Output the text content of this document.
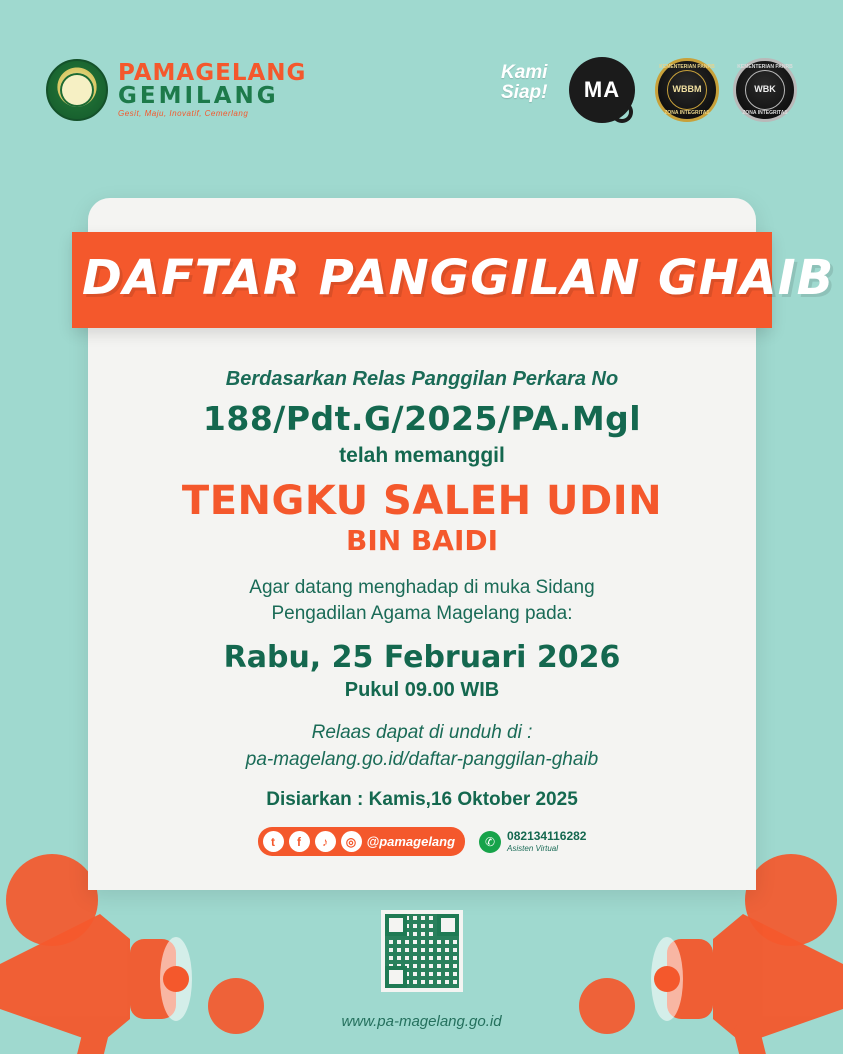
PAMAGELANG
GEMILANG
Gesit, Maju, Inovatif, Cemerlang
Kami
Siap! MA
KEMENTERIAN PANRB
WBBM
ZONA INTEGRITAS
KEMENTERIAN PANRB
WBK
ZONA INTEGRITAS
DAFTAR PANGGILAN GHAIB
Berdasarkan Relas Panggilan Perkara No
188/Pdt.G/2025/PA.Mgl
telah memanggil
TENGKU SALEH UDIN
BIN BAIDI
Agar datang menghadap di muka Sidang
Pengadilan Agama Magelang pada:
Rabu, 25 Februari 2026
Pukul 09.00 WIB
Relaas dapat di unduh di :
pa-magelang.go.id/daftar-panggilan-ghaib
Disiarkan : Kamis,16 Oktober 2025
t	f	♪	◎ @pamagelang	✆ 082134116282
Asisten Virtual
www.pa-magelang.go.id
